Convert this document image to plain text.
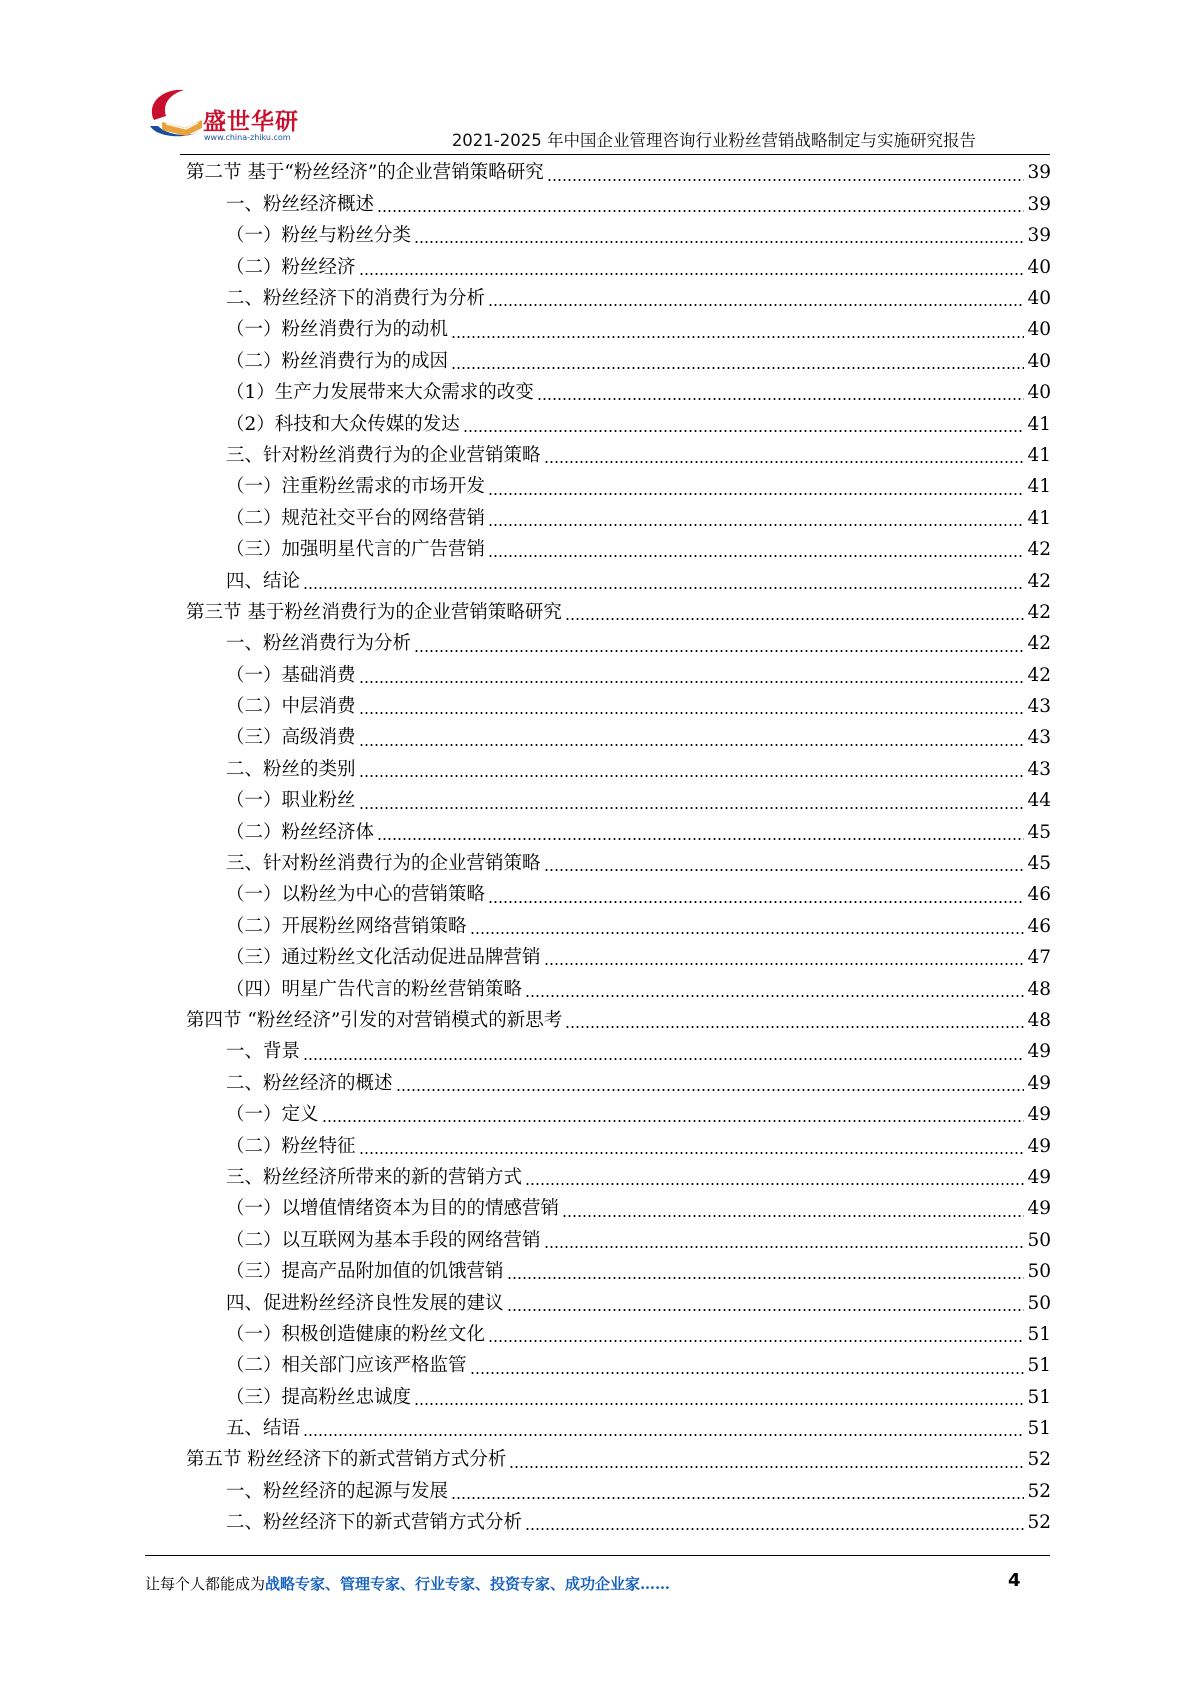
盛世华研
www.china-zhiku.com	2021-2025 年中国企业管理咨询行业粉丝营销战略制定与实施研究报告
第二节 基于“粉丝经济”的企业营销策略研究	39
一、粉丝经济概述	39
（一）粉丝与粉丝分类	39
（二）粉丝经济	40
二、粉丝经济下的消费行为分析	40
（一）粉丝消费行为的动机	40
（二）粉丝消费行为的成因	40
（1）生产力发展带来大众需求的改变	40
（2）科技和大众传媒的发达	41
三、针对粉丝消费行为的企业营销策略	41
（一）注重粉丝需求的市场开发	41
（二）规范社交平台的网络营销	41
（三）加强明星代言的广告营销	42
四、结论	42
第三节 基于粉丝消费行为的企业营销策略研究	42
一、粉丝消费行为分析	42
（一）基础消费	42
（二）中层消费	43
（三）高级消费	43
二、粉丝的类别	43
（一）职业粉丝	44
（二）粉丝经济体	45
三、针对粉丝消费行为的企业营销策略	45
（一）以粉丝为中心的营销策略	46
（二）开展粉丝网络营销策略	46
（三）通过粉丝文化活动促进品牌营销	47
（四）明星广告代言的粉丝营销策略	48
第四节 “粉丝经济”引发的对营销模式的新思考	48
一、背景	49
二、粉丝经济的概述	49
（一）定义	49
（二）粉丝特征	49
三、粉丝经济所带来的新的营销方式	49
（一）以增值情绪资本为目的的情感营销	49
（二）以互联网为基本手段的网络营销	50
（三）提高产品附加值的饥饿营销	50
四、促进粉丝经济良性发展的建议	50
（一）积极创造健康的粉丝文化	51
（二）相关部门应该严格监管	51
（三）提高粉丝忠诚度	51
五、结语	51
第五节 粉丝经济下的新式营销方式分析	52
一、粉丝经济的起源与发展	52
二、粉丝经济下的新式营销方式分析	52
让每个人都能成为战略专家、管理专家、行业专家、投资专家、成功企业家……	4
